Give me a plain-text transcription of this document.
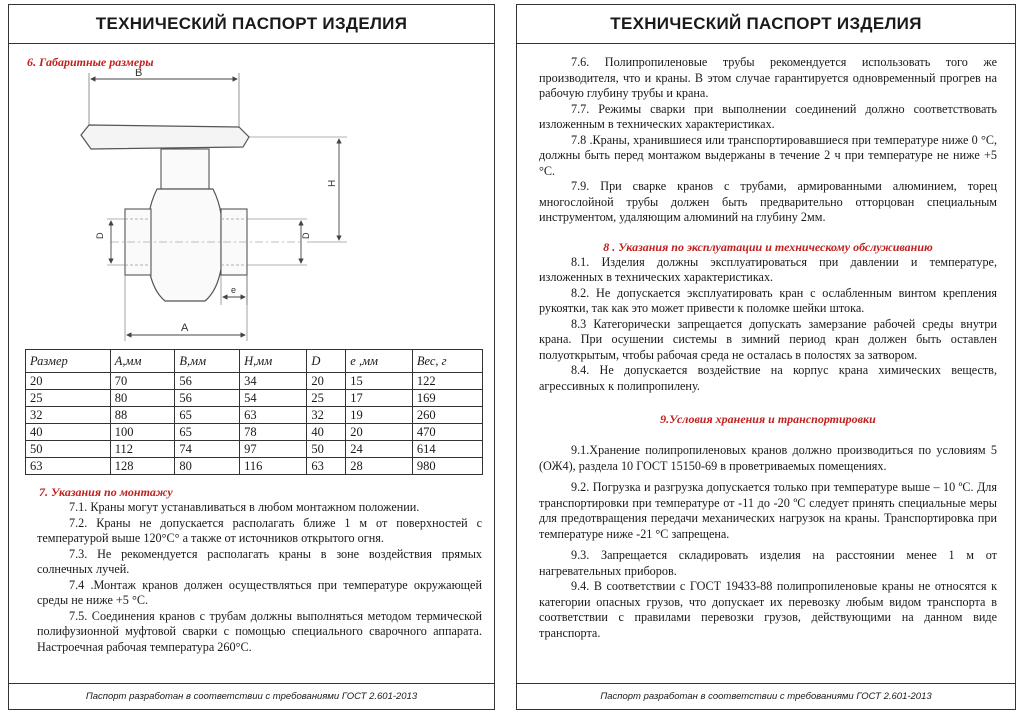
ТЕХНИЧЕСКИЙ ПАСПОРТ ИЗДЕЛИЯ
6. Габаритные размеры
B
D	D
H
e
A
Размер	А,мм	В,мм	Н,мм	D	е ,мм	Вес, г
20	70	56	34	20	15	122
25	80	56	54	25	17	169
32	88	65	63	32	19	260
40	100	65	78	40	20	470
50	112	74	97	50	24	614
63	128	80	116	63	28	980
7. Указания по монтажу

7.1. Краны могут устанавливаться в любом монтажном положении.

7.2. Краны не допускается располагать ближе 1 м от поверхностей с температурой выше 120°С° а также от источников открытого огня.

7.3. Не рекомендуется располагать краны в зоне воздействия прямых солнечных лучей.

7.4 .Монтаж кранов должен осуществляться при температуре окружающей среды не ниже +5 °С.

7.5. Соединения кранов с трубам должны выполняться методом термической полифузионной муфтовой сварки с помощью специального сварочного аппарата. Настроечная рабочая температура 260°С.

Паспорт разработан в соответствии с требованиями ГОСТ 2.601-2013
ТЕХНИЧЕСКИЙ ПАСПОРТ ИЗДЕЛИЯ

7.6. Полипропиленовые трубы рекомендуется использовать того же производителя, что и краны. В этом случае гарантируется одновременный прогрев на рабочую глубину трубы и крана.

7.7. Режимы сварки при выполнении соединений должно соответствовать изложенным в технических характеристиках.

7.8 .Краны, хранившиеся или транспортировавшиеся при температуре ниже 0 °С, должны быть перед монтажом выдержаны в течение 2 ч при температуре не ниже +5 °С.

7.9. При сварке кранов с трубами, армированными алюминием, торец многослойной трубы должен быть предварительно отторцован специальным инструментом, удаляющим алюминий на глубину 2мм.

8 . Указания по эксплуатации и техническому обслуживанию

8.1. Изделия должны эксплуатироваться при давлении и температуре, изложенных в технических характеристиках.

8.2. Не допускается эксплуатировать кран с ослабленным винтом крепления рукоятки, так как это может привести к поломке шейки штока.

8.3 Категорически запрещается допускать замерзание рабочей среды внутри крана. При осушении системы в зимний период кран должен быть оставлен полуоткрытым, чтобы рабочая среда не осталась в полостях за затвором.

8.4. Не допускается воздействие на корпус крана химических веществ, агрессивных к полипропилену.

9.Условия хранения и транспортировки

9.1.Хранение полипропиленовых кранов должно производиться по условиям 5 (ОЖ4), раздела 10 ГОСТ 15150-69 в проветриваемых помещениях.

9.2. Погрузка и разгрузка допускается только при температуре выше – 10 ºС. Для транспортировки при температуре от -11 до -20 ºС следует принять специальные меры для предотвращения передачи механических нагрузок на краны. Транспортировка при температуре ниже -21 °С запрещена.

9.3. Запрещается складировать изделия на расстоянии менее 1 м от нагревательных приборов.

9.4. В соответствии с ГОСТ 19433-88 полипропиленовые краны не относятся к категории опасных грузов, что допускает их перевозку любым видом транспорта в соответствии с правилами перевозки грузов, действующими на данном виде транспорта.

Паспорт разработан в соответствии с требованиями ГОСТ 2.601-2013
